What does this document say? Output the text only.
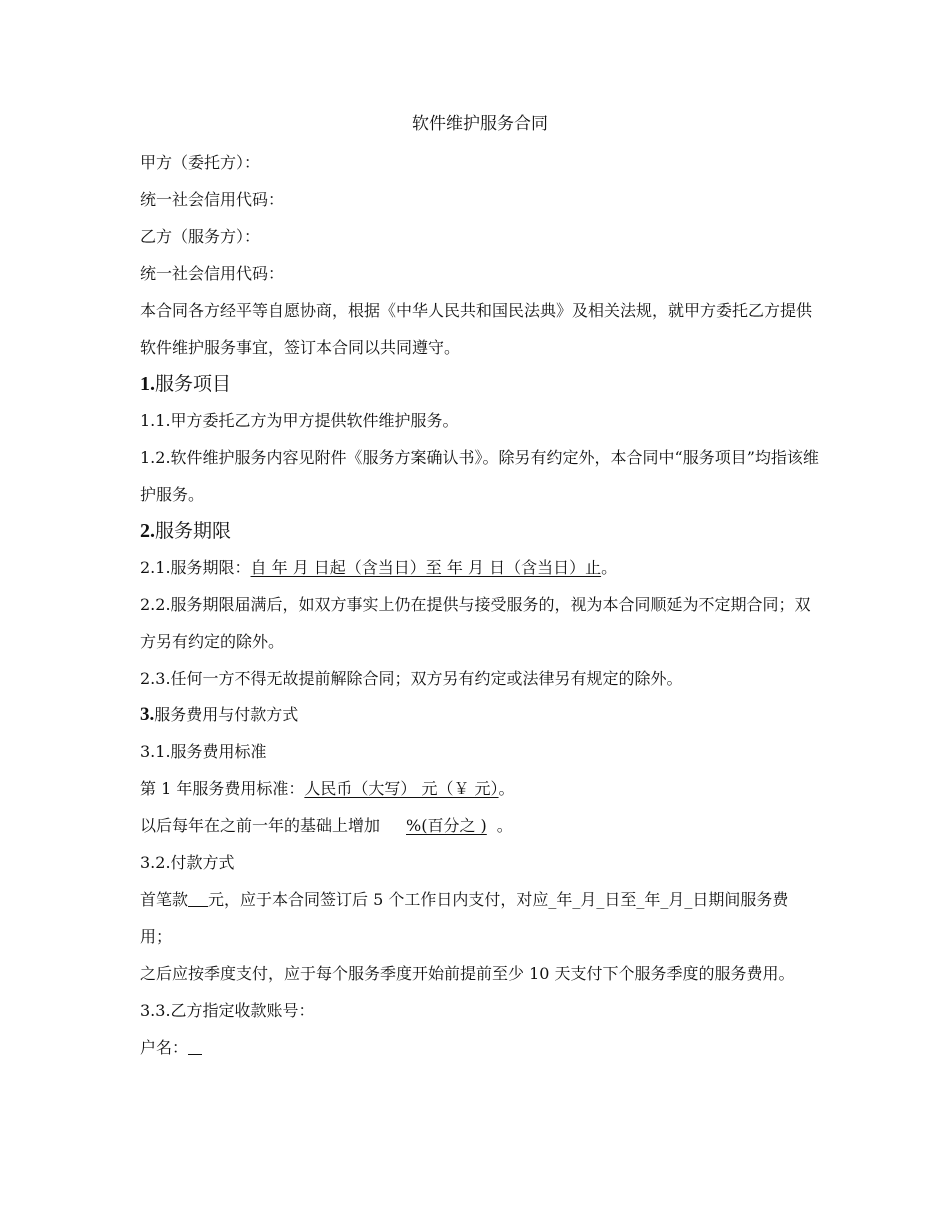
软件维护服务合同

甲方（委托方）：

统一社会信用代码：

乙方（服务方）：

统一社会信用代码：

本合同各方经平等自愿协商，根据《中华人民共和国民法典》及相关法规，就甲方委托乙方提供软件维护服务事宜，签订本合同以共同遵守。

1.服务项目

1.1.甲方委托乙方为甲方提供软件维护服务。

1.2.软件维护服务内容见附件《服务方案确认书》。除另有约定外，本合同中“服务项目”均指该维护服务。

2.服务期限

2.1.服务期限：自 年 月 日起（含当日）至 年 月 日（含当日）止。

2.2.服务期限届满后，如双方事实上仍在提供与接受服务的，视为本合同顺延为不定期合同；双方另有约定的除外。

2.3.任何一方不得无故提前解除合同；双方另有约定或法律另有规定的除外。

3.服务费用与付款方式

3.1.服务费用标准

第 1 年服务费用标准：人民币（大写） 元（￥ 元）。

以后每年在之前一年的基础上增加 %(百分之 ) 。

3.2.付款方式

首笔款 元，应于本合同签订后 5 个工作日内支付，对应_年_月_日至_年_月_日期间服务费用；

之后应按季度支付，应于每个服务季度开始前提前至少 10 天支付下个服务季度的服务费用。

3.3.乙方指定收款账号：

户名：
